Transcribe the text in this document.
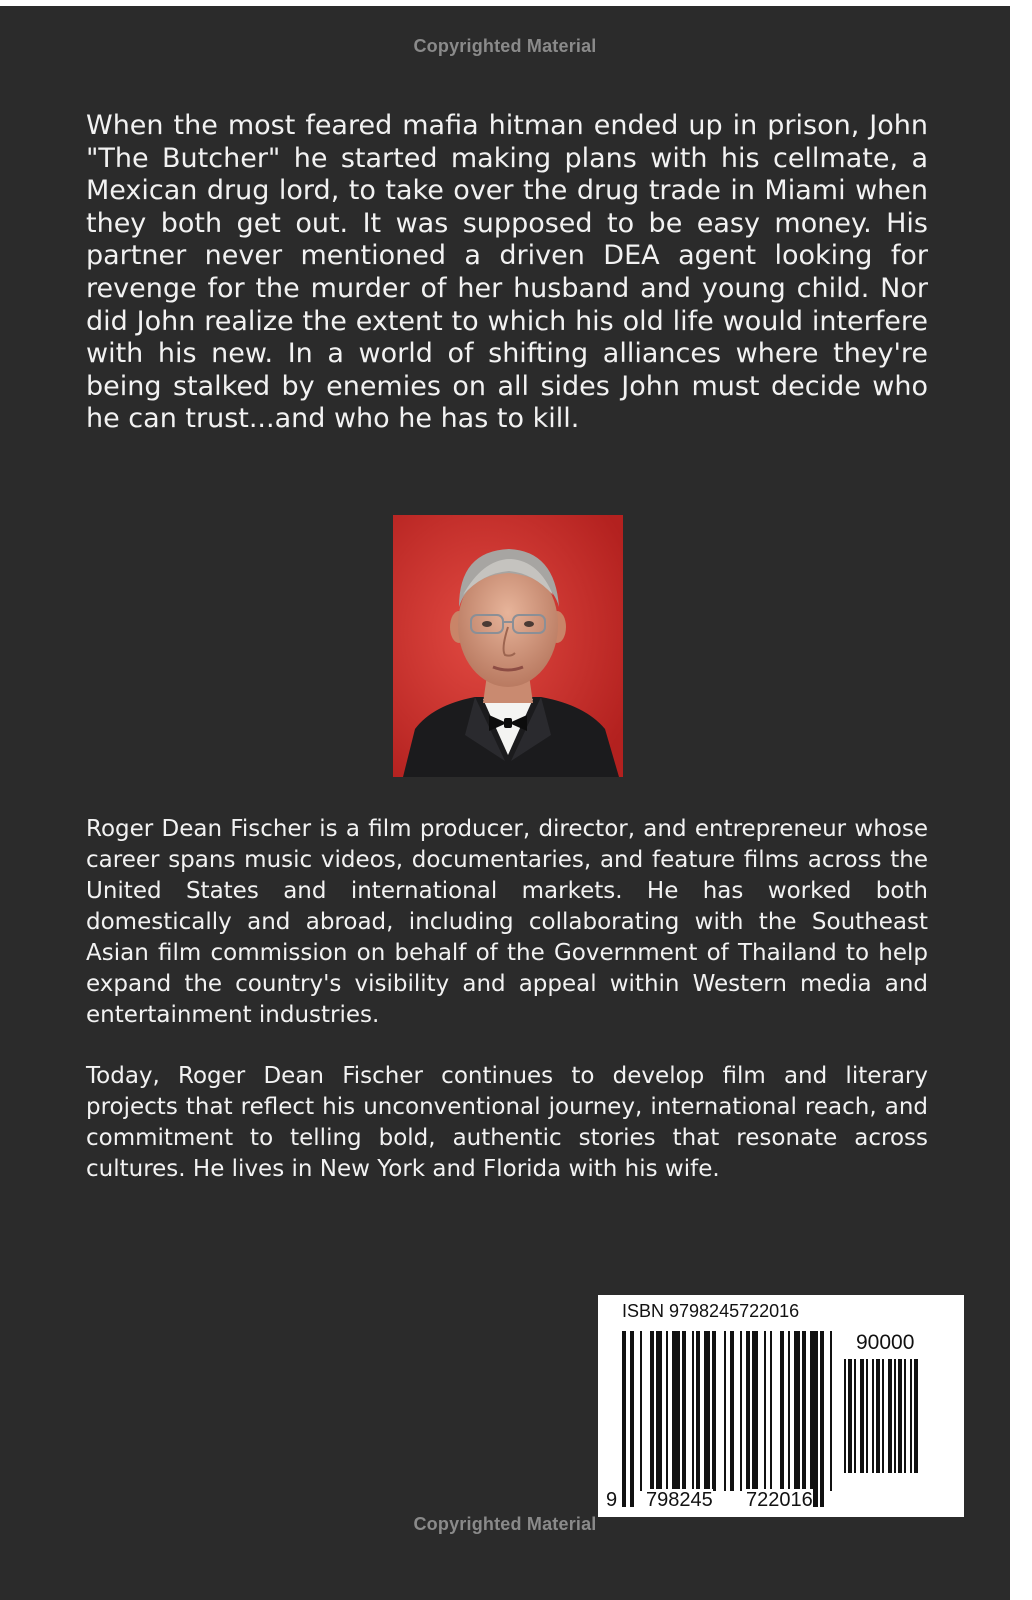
Copyrighted Material

When the most feared mafia hitman ended up in prison, John "The Butcher" he started making plans with his cellmate, a Mexican drug lord, to take over the drug trade in Miami when they both get out. It was supposed to be easy money. His partner never mentioned a driven DEA agent looking for revenge for the murder of her husband and young child. Nor did John realize the extent to which his old life would interfere with his new. In a world of shifting alliances where they're being stalked by enemies on all sides John must decide who he can trust...and who he has to kill.

Roger Dean Fischer is a film producer, director, and entrepreneur whose career spans music videos, documentaries, and feature films across the United States and international markets. He has worked both domestically and abroad, including collaborating with the Southeast Asian film commission on behalf of the Government of Thailand to help expand the country's visibility and appeal within Western media and entertainment industries.

Today, Roger Dean Fischer continues to develop film and literary projects that reflect his unconventional journey, international reach, and commitment to telling bold, authentic stories that resonate across cultures. He lives in New York and Florida with his wife.

Copyrighted Material
ISBN 9798245722016
90000
9 798245 722016
